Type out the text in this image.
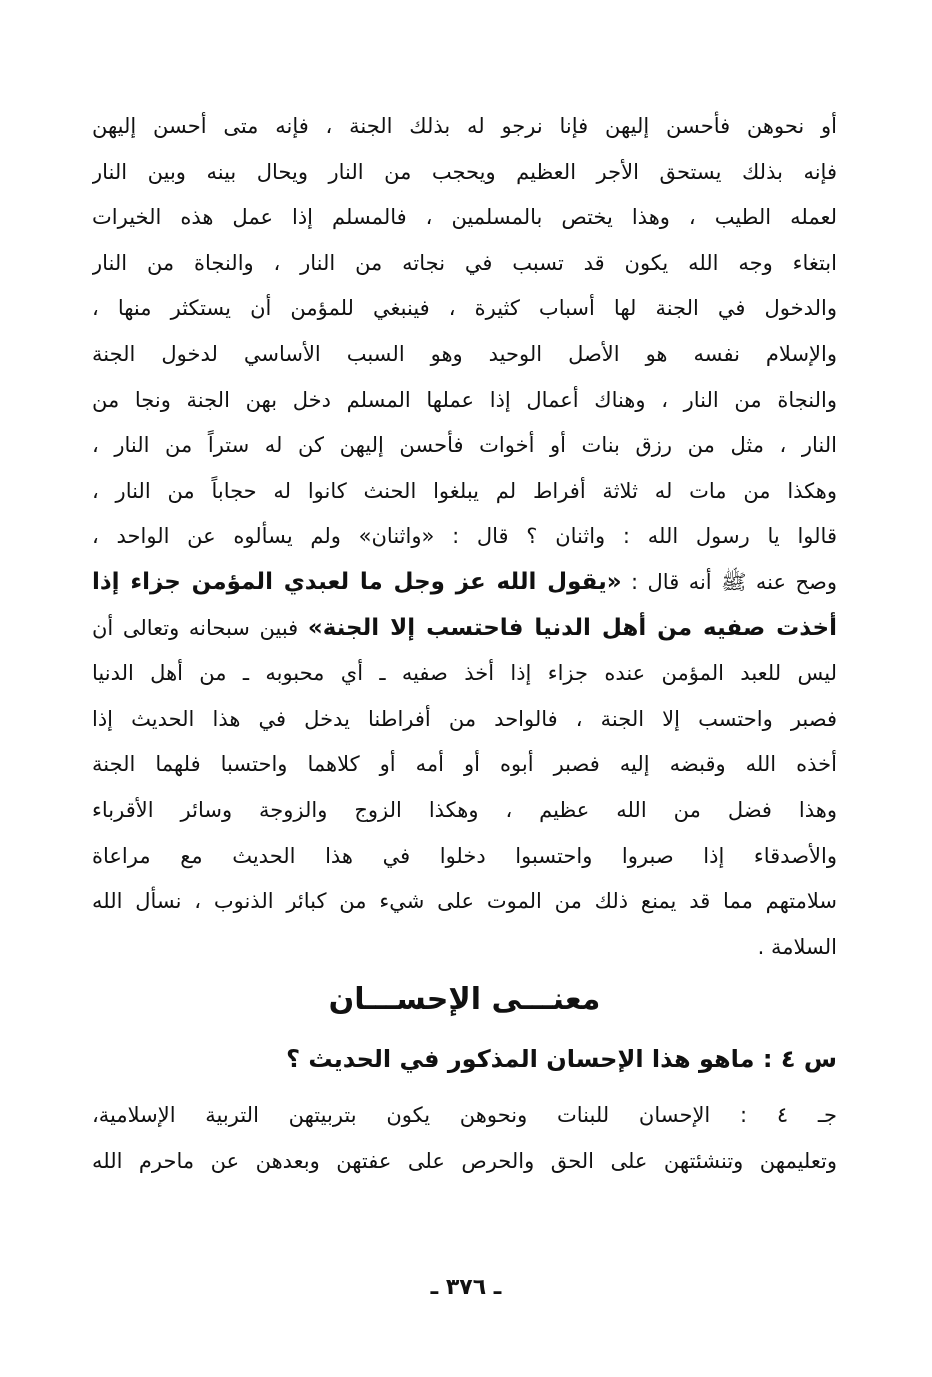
أو نحوهن فأحسن إليهن فإنا نرجو له بذلك الجنة ، فإنه متى أحسن إليهن
فإنه بذلك يستحق الأجر العظيم ويحجب من النار ويحال بينه وبين النار
لعمله الطيب ، وهذا يختص بالمسلمين ، فالمسلم إذا عمل هذه الخيرات
ابتغاء وجه الله يكون قد تسبب في نجاته من النار ، والنجاة من النار
والدخول في الجنة لها أسباب كثيرة ، فينبغي للمؤمن أن يستكثر منها ،
والإسلام نفسه هو الأصل الوحيد وهو السبب الأساسي لدخول الجنة
والنجاة من النار ، وهناك أعمال إذا عملها المسلم دخل بهن الجنة ونجا من
النار ، مثل من رزق بنات أو أخوات فأحسن إليهن كن له ستراً من النار ،
وهكذا من مات له ثلاثة أفراط لم يبلغوا الحنث كانوا له حجاباً من النار ،
قالوا يا رسول الله : واثنان ؟ قال : «واثنان» ولم يسألوه عن الواحد ،
وصح عنه ﷺ أنه قال : «يقول الله عز وجل ما لعبدي المؤمن جزاء إذا
أخذت صفيه من أهل الدنيا فاحتسب إلا الجنة» فبين سبحانه وتعالى أن
ليس للعبد المؤمن عنده جزاء إذا أخذ صفيه ـ أي محبوبه ـ من أهل الدنيا
فصبر واحتسب إلا الجنة ، فالواحد من أفراطنا يدخل في هذا الحديث إذا
أخذه الله وقبضه إليه فصبر أبوه أو أمه أو كلاهما واحتسبا فلهما الجنة
وهذا فضل من الله عظيم ، وهكذا الزوج والزوجة وسائر الأقرباء
والأصدقاء إذا صبروا واحتسبوا دخلوا في هذا الحديث مع مراعاة
سلامتهم مما قد يمنع ذلك من الموت على شيء من كبائر الذنوب ، نسأل الله
السلامة .
معنـــى الإحســـان
س ٤ : ماهو هذا الإحسان المذكور في الحديث ؟
جـ ٤ : الإحسان للبنات ونحوهن يكون بتربيتهن التربية الإسلامية،
وتعليمهن وتنشئتهن على الحق والحرص على عفتهن وبعدهن عن ماحرم الله
ـ ٣٧٦ ـ
